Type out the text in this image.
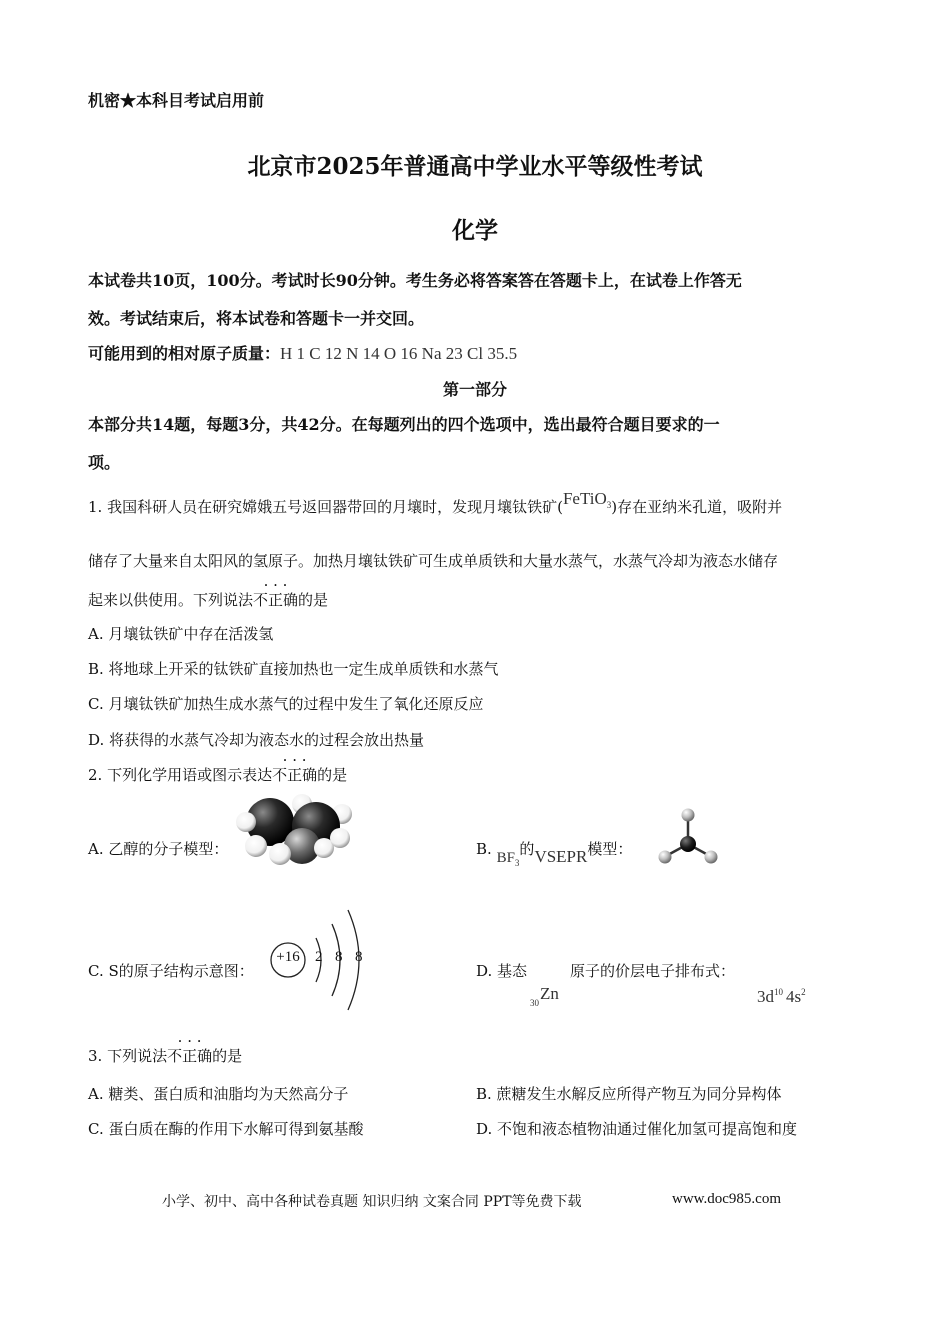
机密★本科目考试启用前
北京市2025年普通高中学业水平等级性考试
化学
本试卷共10页，100分。考试时长90分钟。考生务必将答案答在答题卡上，在试卷上作答无
效。考试结束后，将本试卷和答题卡一并交回。
可能用到的相对原子质量：H 1 C 12 N 14 O 16 Na 23 Cl 35.5
第一部分
本部分共14题，每题3分，共42分。在每题列出的四个选项中，选出最符合题目要求的一
项。
1. 我国科研人员在研究嫦娥五号返回器带回的月壤时，发现月壤钛铁矿(FeTiO$_3$)存在亚纳米孔道，吸附并
储存了大量来自太阳风的氢原子。加热月壤钛铁矿可生成单质铁和大量水蒸气，水蒸气冷却为液态水储存
起来以供使用。下列说法
· · ·
不正确的是
A. 月壤钛铁矿中存在活泼氢
B. 将地球上开采的钛铁矿直接加热也一定生成单质铁和水蒸气
C. 月壤钛铁矿加热生成水蒸气的过程中发生了氧化还原反应
D. 将获得的水蒸气冷却为液态水的过程会放出热量
2. 下列化学用语或图示表达
· · ·
不正确的是
A. 乙醇的分子模型：	B. $BF_3$的VSEPR模型：
C. S的原子结构示意图：
+16	2 8 8
D. 基态	原子的价层电子排布式：
$_{30}$Zn	$3d^{10}$ $4s^2$
3. 下列说法
· · ·
不正确的是
A. 糖类、蛋白质和油脂均为天然高分子	B. 蔗糖发生水解反应所得产物互为同分异构体
C. 蛋白质在酶的作用下水解可得到氨基酸	D. 不饱和液态植物油通过催化加氢可提高饱和度
小学、初中、高中各种试卷真题 知识归纳 文案合同 PPT等免费下载	www.doc985.com
